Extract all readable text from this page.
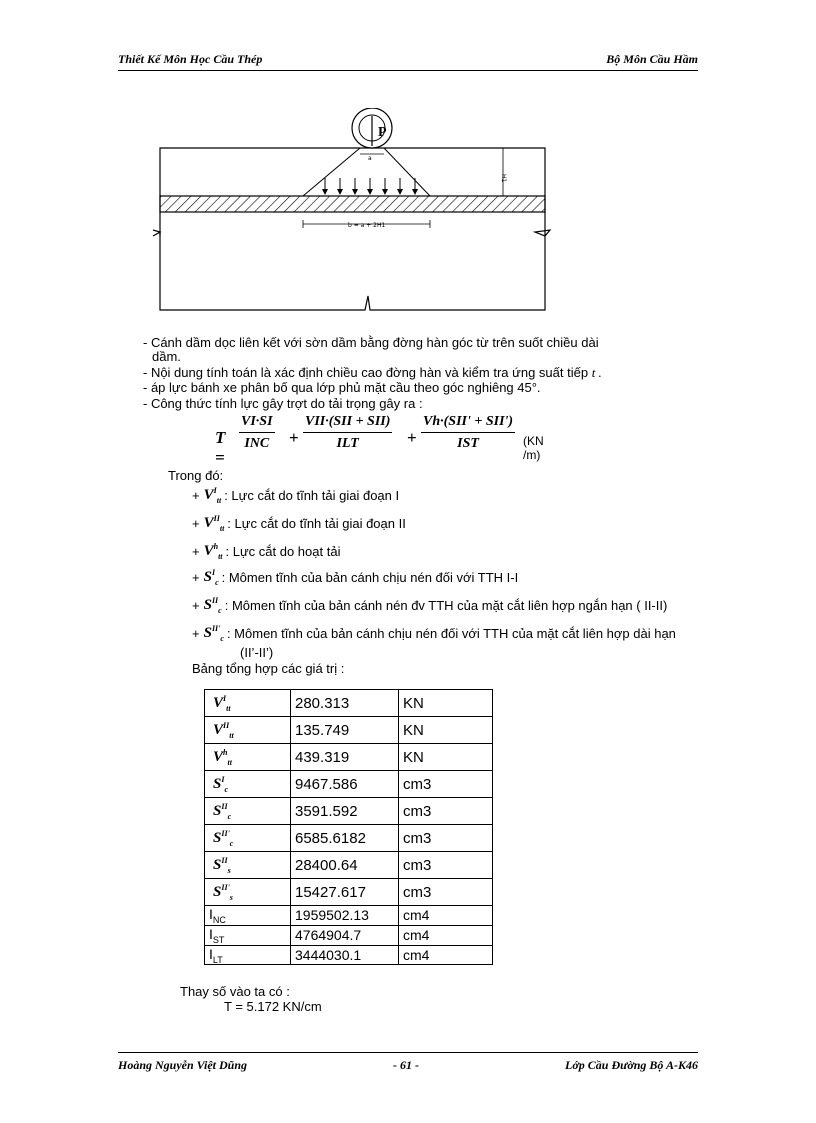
Thiết Kế Môn Học Cầu Thép	Bộ Môn Cầu Hầm
P
a
H1
b = a + 2H1
- Cánh dầm dọc liên kết với sờn dầm bằng đờng hàn góc từ trên suốt chiều dài
dầm.
- Nội dung tính toán là xác định chiều cao đờng hàn và kiểm tra ứng suất tiếp t .
- áp lực bánh xe phân bố qua lớp phủ mặt cầu theo góc nghiêng 45°.
- Công thức tính lực gây trợt do tải trọng gây ra :
T =
VI·SI
INC	+
VII·(SII + SII)
ILT	+
Vh·(SII' + SII')
IST	(KN /m)
Trong đó:
+ $V^I_{tt}$ : Lực cắt do tĩnh tải giai đoạn I
+ $V^{II}_{tt}$ : Lực cắt do tĩnh tải giai đoạn II
+ $V^h_{tt}$ : Lực cắt do hoạt tải
+ $S^I_c$ : Mômen tĩnh của bản cánh chịu nén đối với TTH I-I
+ $S^{II}_c$ : Mômen tĩnh của bản cánh nén đv TTH của mặt cắt liên hợp ngắn hạn ( II-II)
+ $S^{II'}_c$ : Mômen tĩnh của bản cánh chịu nén đối với TTH của mặt cắt liên hợp dài hạn
(II’-II’)
Bảng tổng hợp các giá trị :
$V^I_{tt}$	280.313	KN
$V^{II}_{tt}$	135.749	KN
$V^h_{tt}$	439.319	KN
$S^I_c$	9467.586	cm3
$S^{II}_c$	3591.592	cm3
$S^{II'}_c$	6585.6182	cm3
$S^{II}_s$	28400.64	cm3
$S^{II'}_s$	15427.617	cm3
$I_{NC}$	1959502.13	cm4
$I_{ST}$	4764904.7	cm4
$I_{LT}$	3444030.1	cm4
Thay số vào ta có :
T = 5.172 KN/cm
Hoàng Nguyễn Việt Dũng	- 61 -	Lớp Cầu Đường Bộ A-K46
